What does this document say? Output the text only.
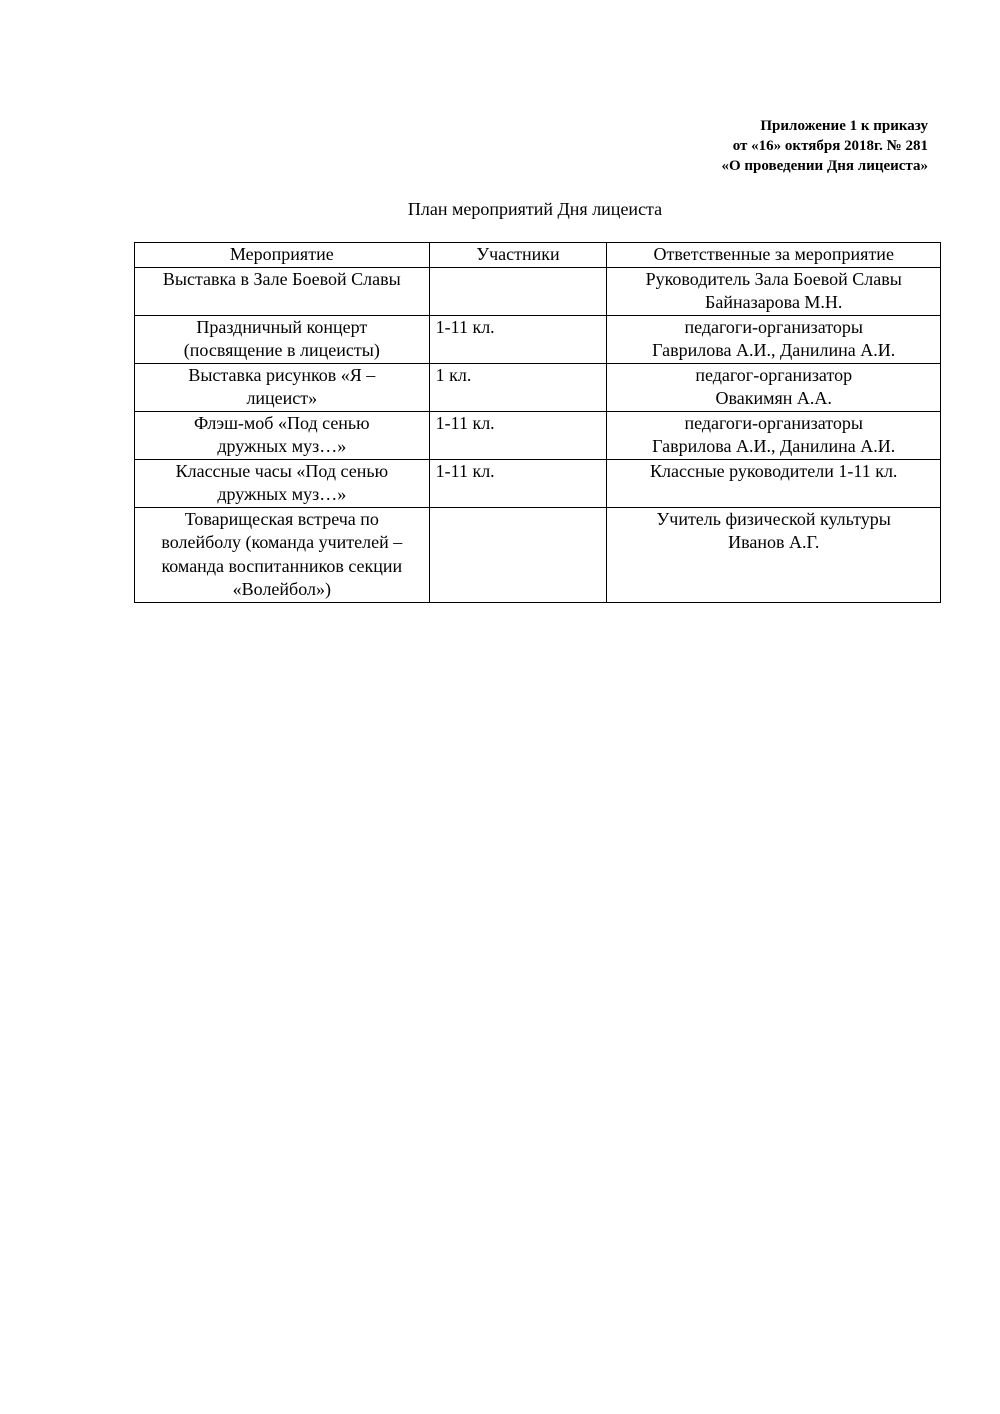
Приложение 1 к приказу
от «16» октября 2018г. № 281
«О проведении Дня лицеиста»
План мероприятий Дня лицеиста
Мероприятие	Участники	Ответственные за мероприятие

Выставка в Зале Боевой Славы		Руководитель Зала Боевой Славы
Байназарова М.Н.

Праздничный концерт
(посвящение в лицеисты)	1-11 кл.	педагоги-организаторы
Гаврилова А.И., Данилина А.И.

Выставка рисунков «Я –
лицеист»	1 кл.	педагог-организатор
Овакимян А.А.

Флэш-моб «Под сенью
дружных муз…»	1-11 кл.	педагоги-организаторы
Гаврилова А.И., Данилина А.И.

Классные часы «Под сенью
дружных муз…»	1-11 кл.	Классные руководители 1-11 кл.

Товарищеская встреча по
волейболу (команда учителей –
команда воспитанников секции
«Волейбол»)		Учитель физической культуры
Иванов А.Г.
